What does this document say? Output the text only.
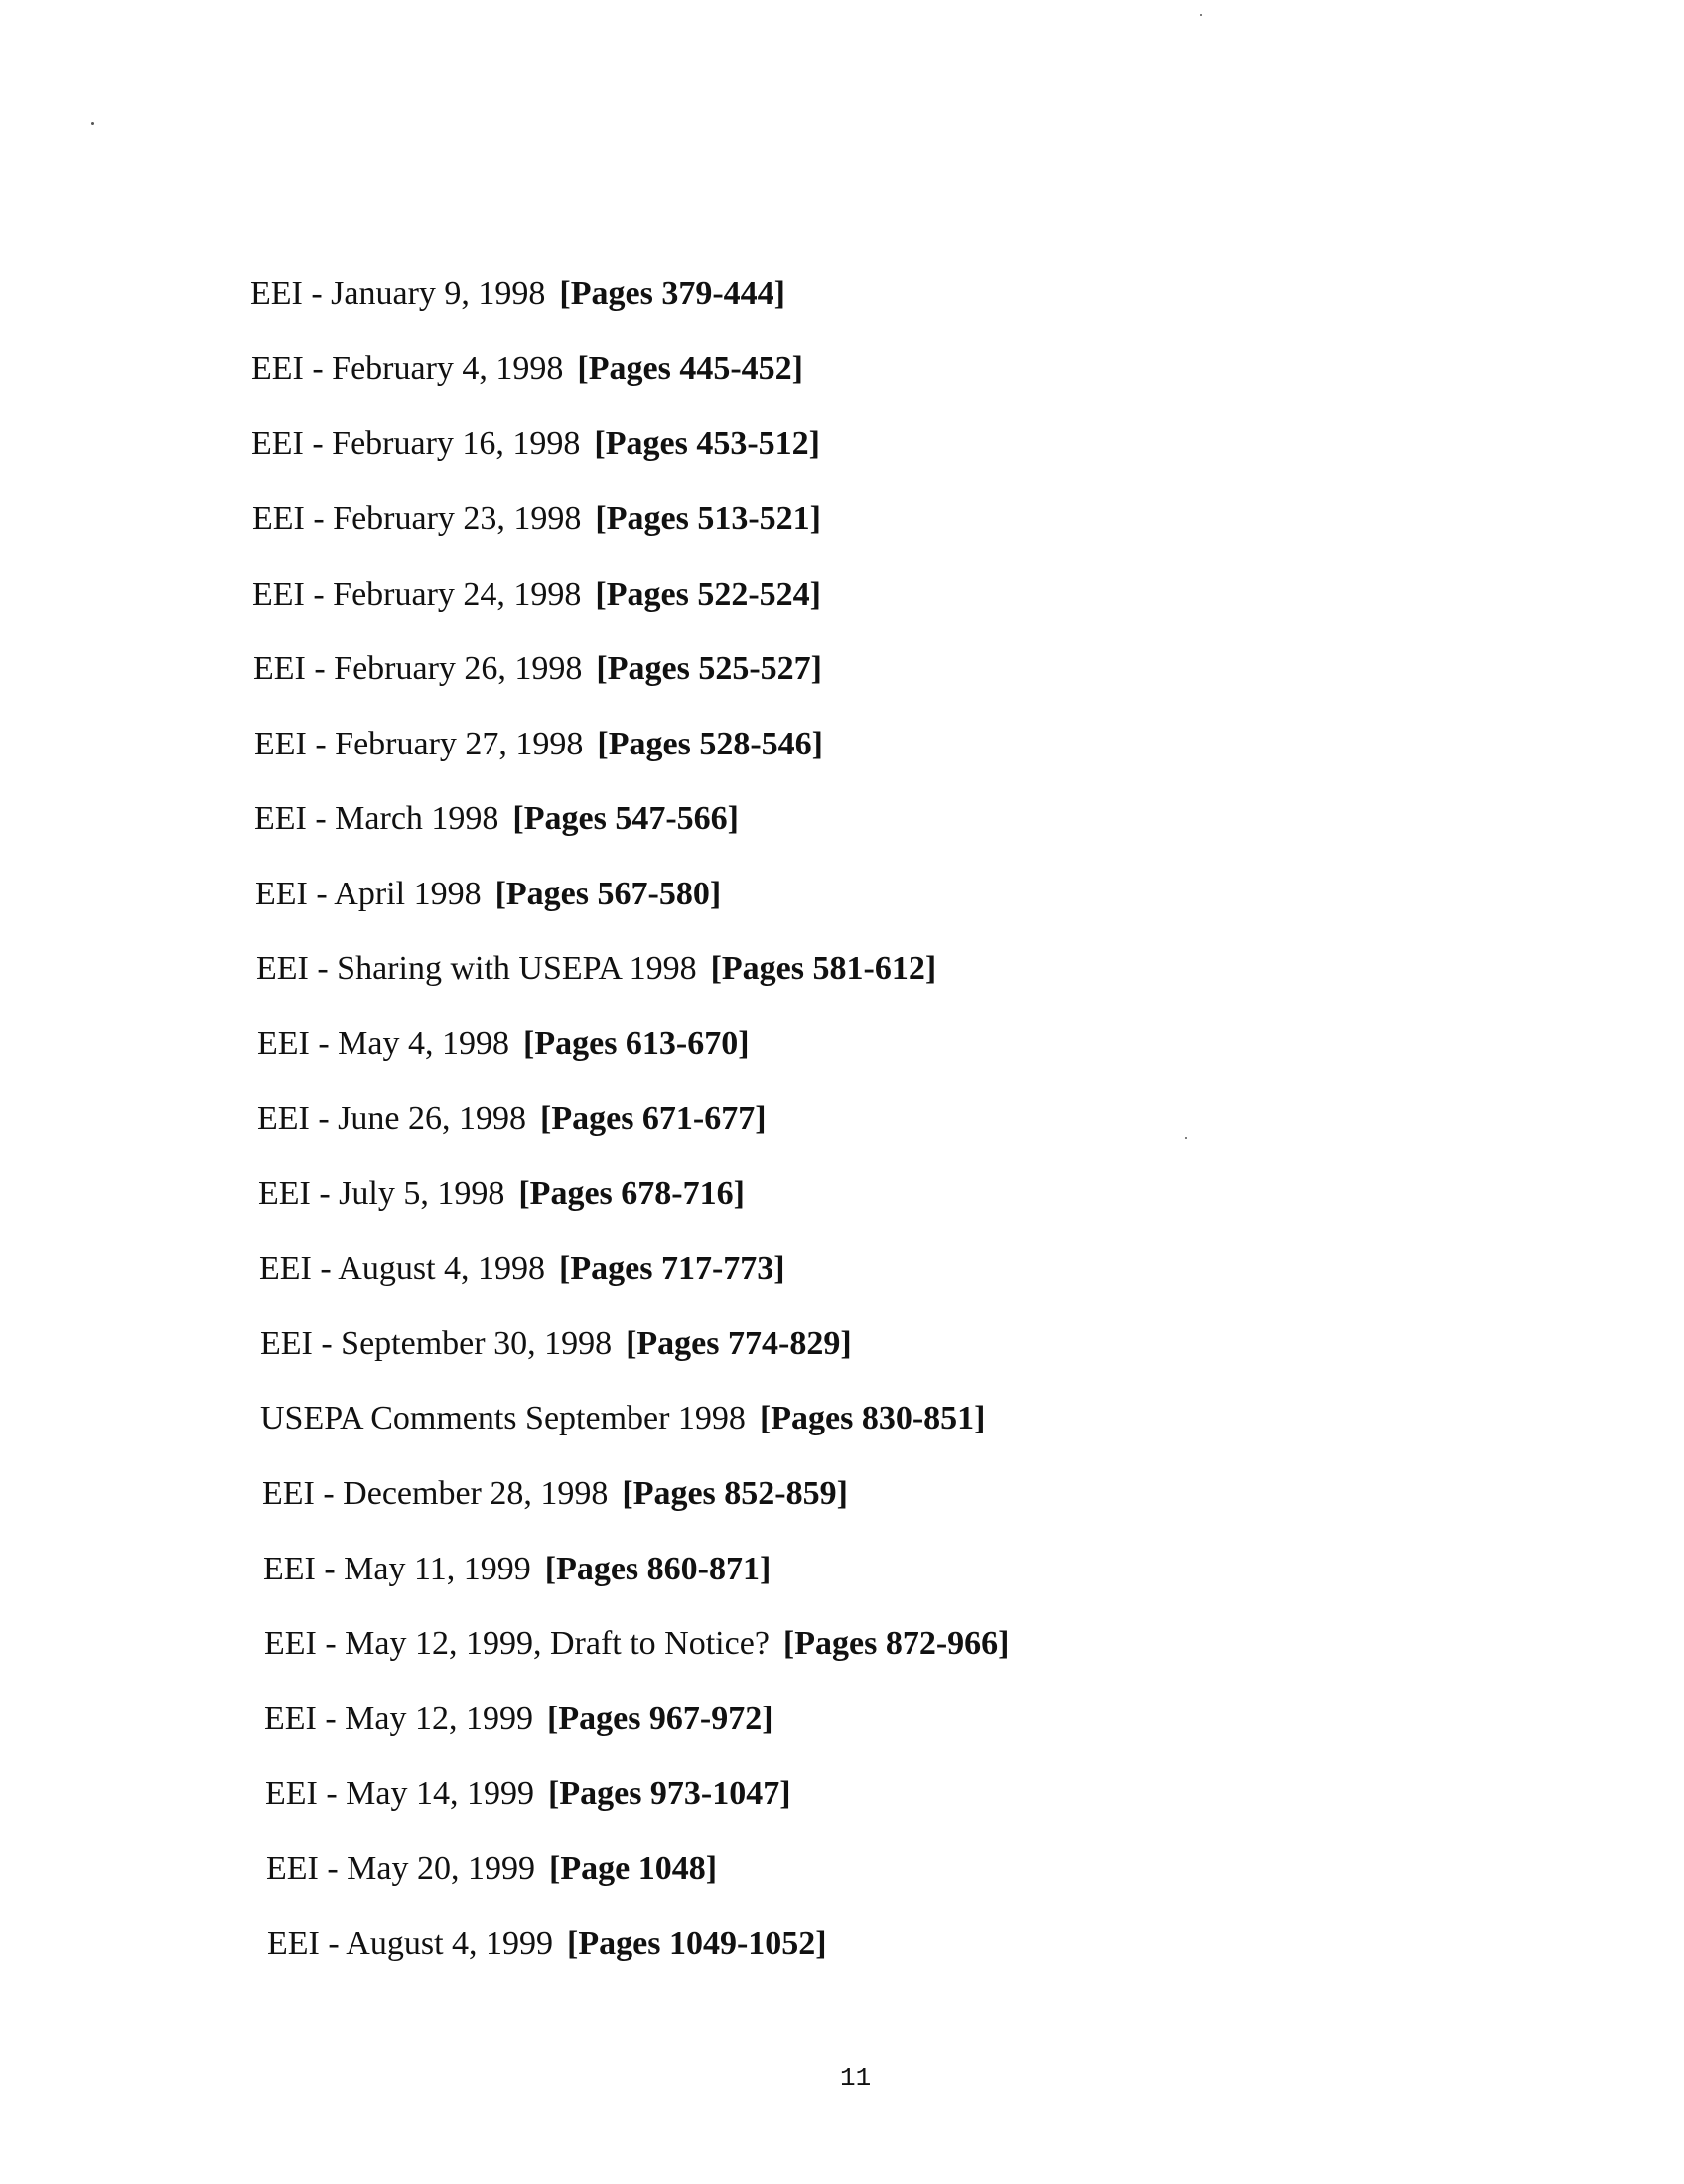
EEI - January 9, 1998 [Pages 379-444]
EEI - February 4, 1998 [Pages 445-452]
EEI - February 16, 1998 [Pages 453-512]
EEI - February 23, 1998 [Pages 513-521]
EEI - February 24, 1998 [Pages 522-524]
EEI - February 26, 1998 [Pages 525-527]
EEI - February 27, 1998 [Pages 528-546]
EEI - March 1998 [Pages 547-566]
EEI - April 1998 [Pages 567-580]
EEI - Sharing with USEPA 1998 [Pages 581-612]
EEI - May 4, 1998 [Pages 613-670]
EEI - June 26, 1998 [Pages 671-677]
EEI - July 5, 1998 [Pages 678-716]
EEI - August 4, 1998 [Pages 717-773]
EEI - September 30, 1998 [Pages 774-829]
USEPA Comments September 1998 [Pages 830-851]
EEI - December 28, 1998 [Pages 852-859]
EEI - May 11, 1999 [Pages 860-871]
EEI - May 12, 1999, Draft to Notice? [Pages 872-966]
EEI - May 12, 1999 [Pages 967-972]
EEI - May 14, 1999 [Pages 973-1047]
EEI - May 20, 1999 [Page 1048]
EEI - August 4, 1999 [Pages 1049-1052]
11
